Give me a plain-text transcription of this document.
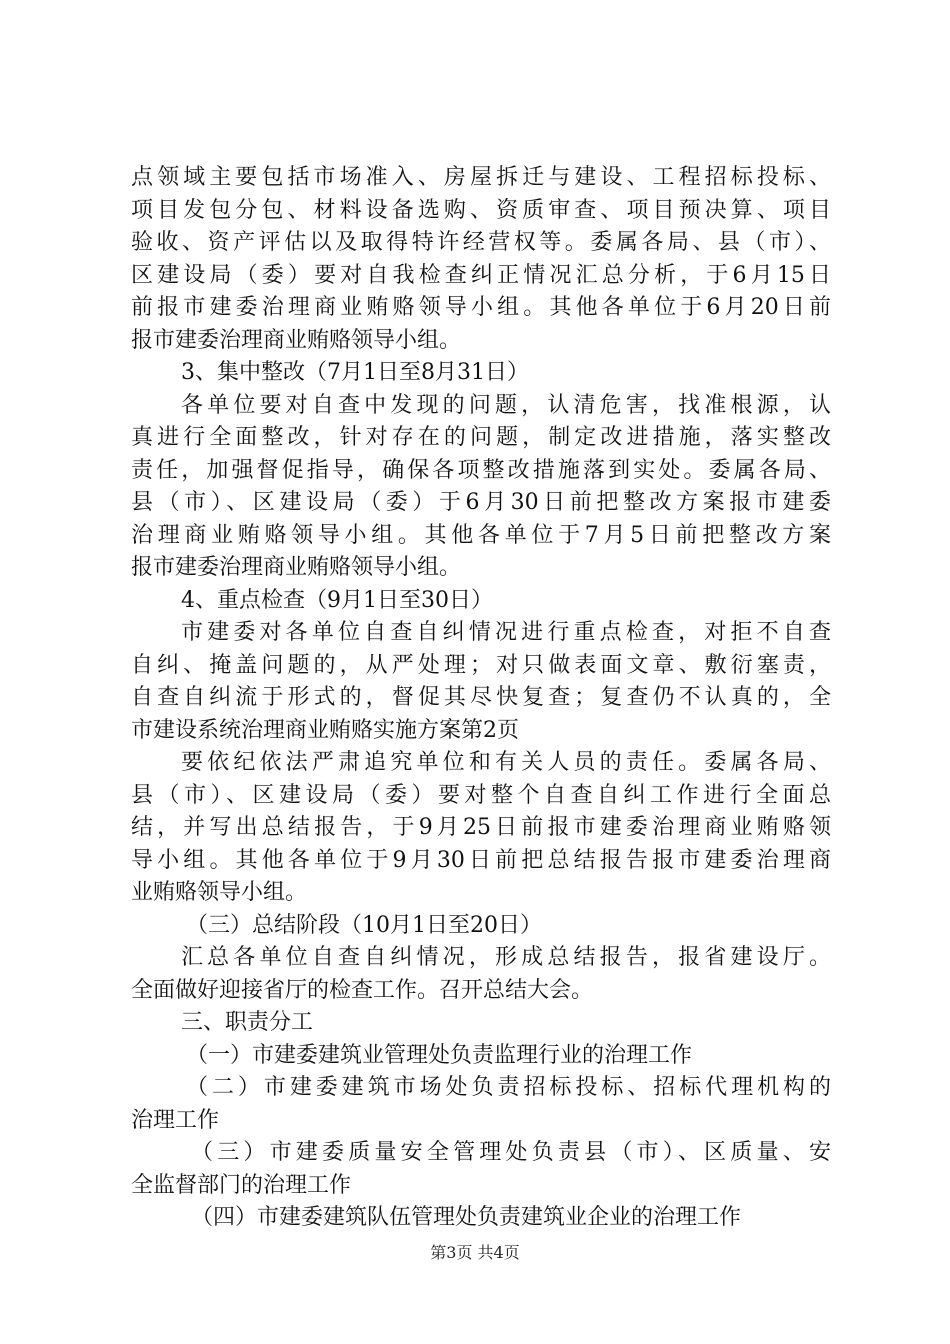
点领域主要包括市场准入、房屋拆迁与建设、工程招标投标、
项目发包分包、材料设备选购、资质审查、项目预决算、项目
验收、资产评估以及取得特许经营权等。委属各局、县（市）、
区建设局（委）要对自我检查纠正情况汇总分析，于6月15日
前报市建委治理商业贿赂领导小组。其他各单位于6月20日前
报市建委治理商业贿赂领导小组。
3、集中整改（7月1日至8月31日）
各单位要对自查中发现的问题，认清危害，找准根源，认
真进行全面整改，针对存在的问题，制定改进措施，落实整改
责任，加强督促指导，确保各项整改措施落到实处。委属各局、
县（市）、区建设局（委）于6月30日前把整改方案报市建委
治理商业贿赂领导小组。其他各单位于7月5日前把整改方案
报市建委治理商业贿赂领导小组。
4、重点检查（9月1日至30日）
市建委对各单位自查自纠情况进行重点检查，对拒不自查
自纠、掩盖问题的，从严处理；对只做表面文章、敷衍塞责，
自查自纠流于形式的，督促其尽快复查；复查仍不认真的，全
市建设系统治理商业贿赂实施方案第2页
要依纪依法严肃追究单位和有关人员的责任。委属各局、
县（市）、区建设局（委）要对整个自查自纠工作进行全面总
结，并写出总结报告，于9月25日前报市建委治理商业贿赂领
导小组。其他各单位于9月30日前把总结报告报市建委治理商
业贿赂领导小组。
（三）总结阶段（10月1日至20日）
汇总各单位自查自纠情况，形成总结报告，报省建设厅。
全面做好迎接省厅的检查工作。召开总结大会。
三、职责分工
（一）市建委建筑业管理处负责监理行业的治理工作
（二）市建委建筑市场处负责招标投标、招标代理机构的
治理工作
（三）市建委质量安全管理处负责县（市）、区质量、安
全监督部门的治理工作
（四）市建委建筑队伍管理处负责建筑业企业的治理工作
第3页 共4页
